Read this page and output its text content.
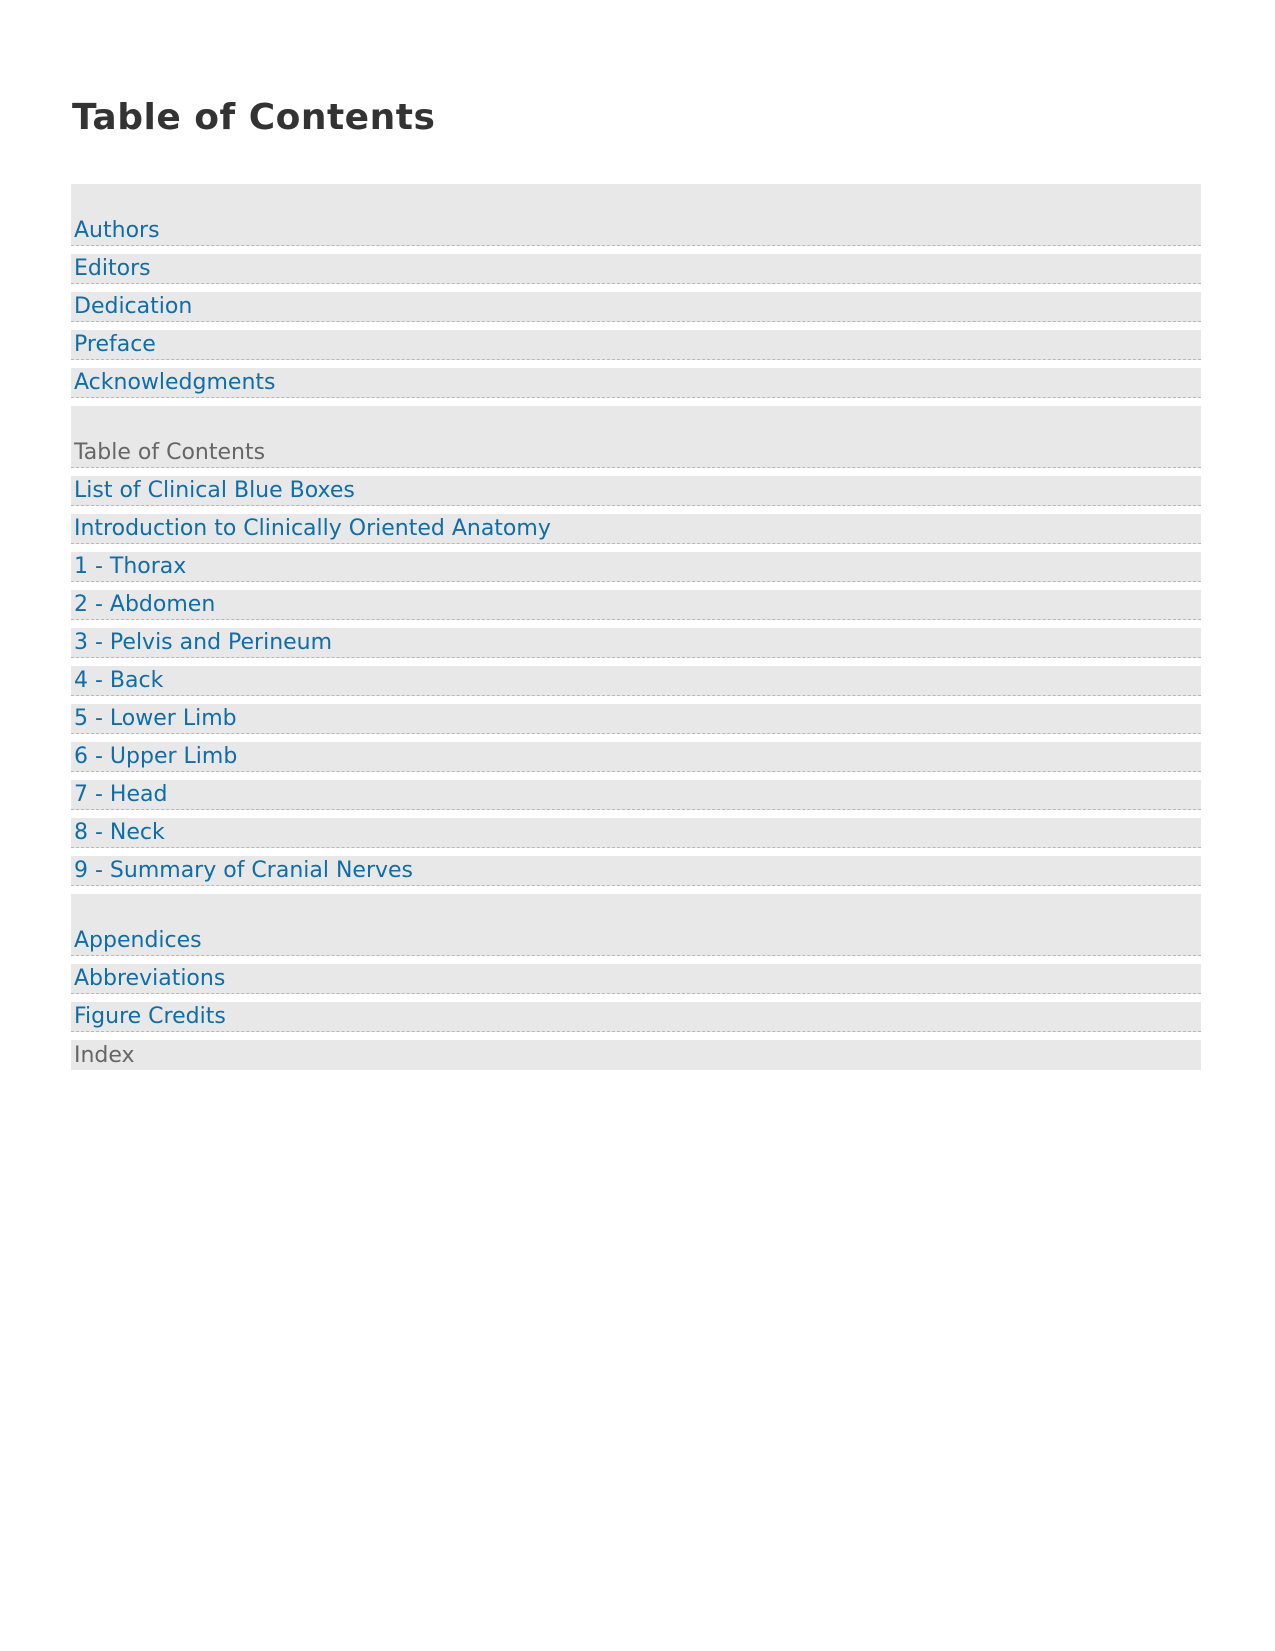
Table of Contents
Authors
Editors
Dedication
Preface
Acknowledgments
Table of Contents
List of Clinical Blue Boxes
Introduction to Clinically Oriented Anatomy
1 - Thorax
2 - Abdomen
3 - Pelvis and Perineum
4 - Back
5 - Lower Limb
6 - Upper Limb
7 - Head
8 - Neck
9 - Summary of Cranial Nerves
Appendices
Abbreviations
Figure Credits
Index
